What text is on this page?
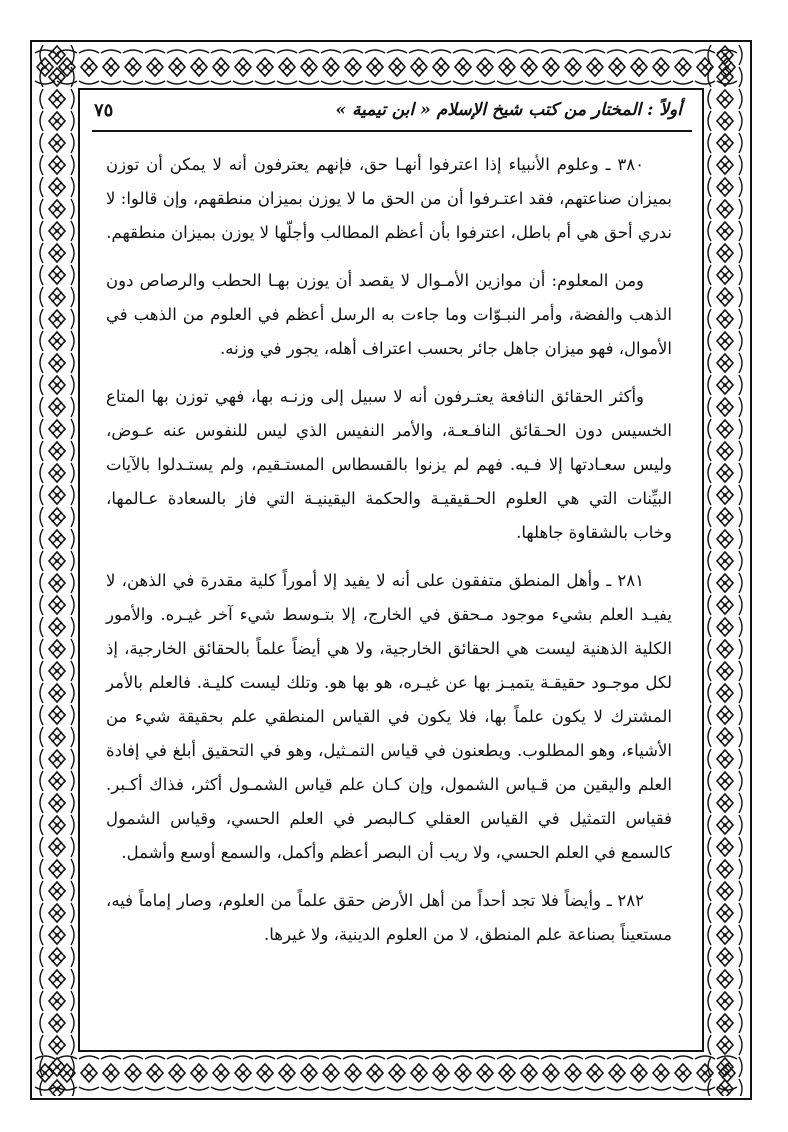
أولاً : المختار من كتب شيخ الإسلام « ابن تيمية »
٧٥

٣٨٠ ـ وعلوم الأنبياء إذا اعترفوا أنهـا حق، فإنهم يعترفون أنه لا يمكن أن توزن بميزان صناعتهم، فقد اعتـرفوا أن من الحق ما لا يوزن بميزان منطقهم، وإن قالوا: لا ندري أحق هي أم باطل، اعترفوا بأن أعظم المطالب وأجلّها لا يوزن بميزان منطقهم.

ومن المعلوم: أن موازين الأمـوال لا يقصد أن يوزن بهـا الحطب والرصاص دون الذهب والفضة، وأمر النبـوّات وما جاءت به الرسل أعظم في العلوم من الذهب في الأموال، فهو ميزان جاهل جائر بحسب اعتراف أهله، يجور في وزنه.

وأكثر الحقائق النافعة يعتـرفون أنه لا سبيل إلى وزنـه بها، فهي توزن بها المتاع الخسيس دون الحـقائق النافـعـة، والأمر النفيس الذي ليس للنفوس عنه عـوض، وليس سعـادتها إلا فـيه. فهم لم يزنوا بالقسطاس المستـقيم، ولم يستـدلوا بالآيات البيِّنات التي هي العلوم الحـقيقيـة والحكمة اليقينيـة التي فاز بالسعادة عـالمها، وخاب بالشقاوة جاهلها.

٢٨١ ـ وأهل المنطق متفقون على أنه لا يفيد إلا أموراً كلية مقدرة في الذهن، لا يفيـد العلم بشيء موجود مـحقق في الخارج، إلا بتـوسط شيء آخر غيـره. والأمور الكلية الذهنية ليست هي الحقائق الخارجية، ولا هي أيضاً علماً بالحقائق الخارجية، إذ لكل موجـود حقيقـة يتميـز بها عن غيـره، هو بها هو. وتلك ليست كليـة. فالعلم بالأمر المشترك لا يكون علماً بها، فلا يكون في القياس المنطقي علم بحقيقة شيء من الأشياء، وهو المطلوب. ويطعنون في قياس التمـثيل، وهو في التحقيق أبلغ في إفادة العلم واليقين من قـياس الشمول، وإن كـان علم قياس الشمـول أكثر، فذاك أكـبر. فقياس التمثيل في القياس العقلي كـالبصر في العلم الحسي، وقياس الشمول كالسمع في العلم الحسي، ولا ريب أن البصر أعظم وأكمل، والسمع أوسع وأشمل.

٢٨٢ ـ وأيضاً فلا تجد أحداً من أهل الأرض حقق علماً من العلوم، وصار إماماً فيه، مستعيناً بصناعة علم المنطق، لا من العلوم الدينية، ولا غيرها.
